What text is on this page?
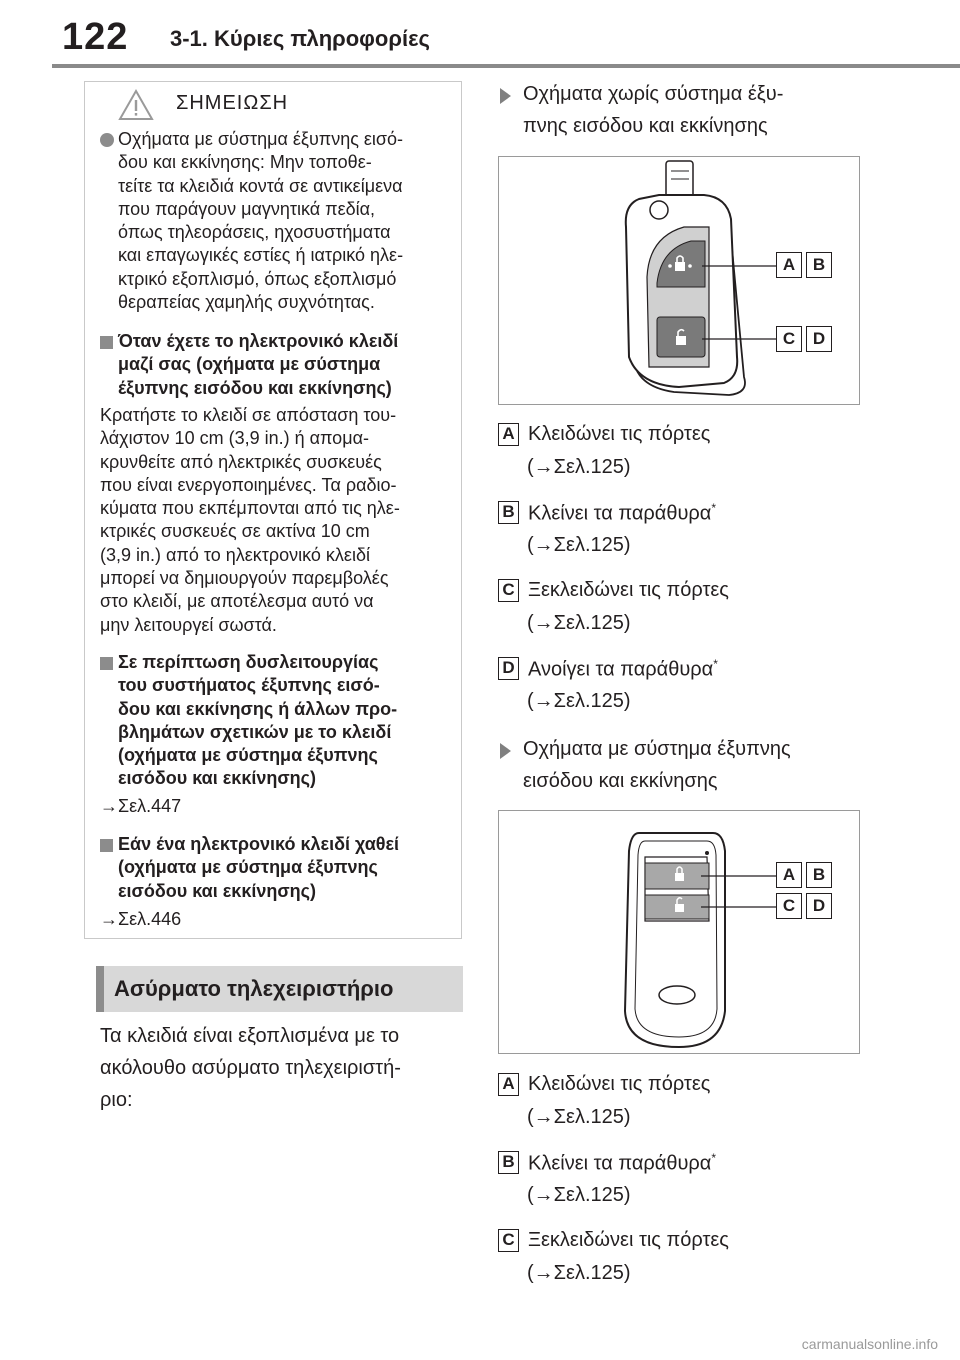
122 3-1. Κύριες πληροφορίες
ΣΗΜΕΙΩΣΗ
Οχήματα με σύστημα έξυπνης εισό-
δου και εκκίνησης: Μην τοποθε-
τείτε τα κλειδιά κοντά σε αντικείμενα
που παράγουν μαγνητικά πεδία,
όπως τηλεοράσεις, ηχοσυστήματα
και επαγωγικές εστίες ή ιατρικό ηλε-
κτρικό εξοπλισμό, όπως εξοπλισμό
θεραπείας χαμηλής συχνότητας.
Όταν έχετε το ηλεκτρονικό κλειδί
μαζί σας (οχήματα με σύστημα
έξυπνης εισόδου και εκκίνησης)
Κρατήστε το κλειδί σε απόσταση του-
λάχιστον 10 cm (3,9 in.) ή απομα-
κρυνθείτε από ηλεκτρικές συσκευές
που είναι ενεργοποιημένες. Τα ραδιο-
κύματα που εκπέμπονται από τις ηλε-
κτρικές συσκευές σε ακτίνα 10 cm
(3,9 in.) από το ηλεκτρονικό κλειδί
μπορεί να δημιουργούν παρεμβολές
στο κλειδί, με αποτέλεσμα αυτό να
μην λειτουργεί σωστά.
Σε περίπτωση δυσλειτουργίας
του συστήματος έξυπνης εισό-
δου και εκκίνησης ή άλλων προ-
βλημάτων σχετικών με το κλειδί
(οχήματα με σύστημα έξυπνης
εισόδου και εκκίνησης)
→Σελ.447
Εάν ένα ηλεκτρονικό κλειδί χαθεί
(οχήματα με σύστημα έξυπνης
εισόδου και εκκίνησης)
→Σελ.446
Ασύρματο τηλεχειριστήριο
Τα κλειδιά είναι εξοπλισμένα με το
ακόλουθο ασύρματο τηλεχειριστή-
ριο:
Οχήματα χωρίς σύστημα έξυ-
πνης εισόδου και εκκίνησης
A	B
C	D
A Κλειδώνει τις πόρτες
(→Σελ.125)
B Κλείνει τα παράθυρα*
(→Σελ.125)
C Ξεκλειδώνει τις πόρτες
(→Σελ.125)
D Ανοίγει τα παράθυρα*
(→Σελ.125)
Οχήματα με σύστημα έξυπνης
εισόδου και εκκίνησης
A	B
C	D
A Κλειδώνει τις πόρτες
(→Σελ.125)
B Κλείνει τα παράθυρα*
(→Σελ.125)
C Ξεκλειδώνει τις πόρτες
(→Σελ.125)
carmanualsonline.info
